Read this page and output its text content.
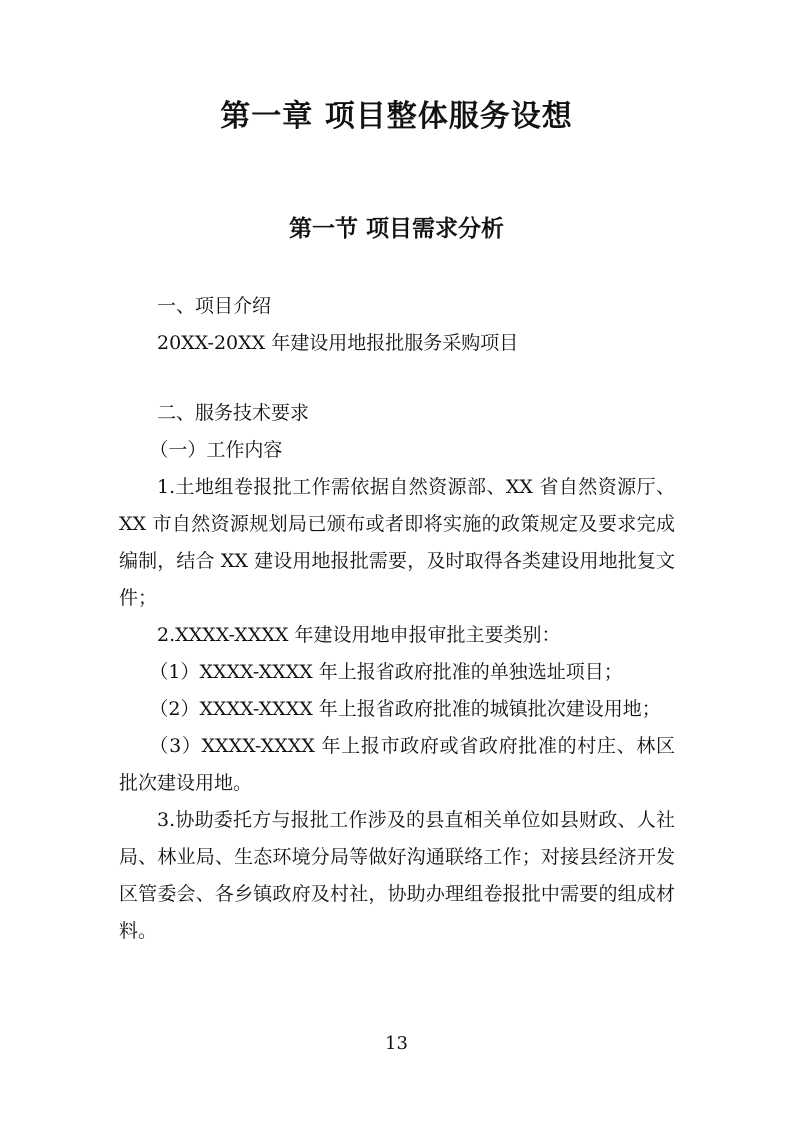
第一章 项目整体服务设想
第一节 项目需求分析

一、项目介绍

20XX-20XX 年建设用地报批服务采购项目

二、服务技术要求

（一）工作内容

1.土地组卷报批工作需依据自然资源部、XX 省自然资源厅、XX 市自然资源规划局已颁布或者即将实施的政策规定及要求完成编制，结合 XX 建设用地报批需要，及时取得各类建设用地批复文件；

2.XXXX-XXXX 年建设用地申报审批主要类别：

（1）XXXX-XXXX 年上报省政府批准的单独选址项目；

（2）XXXX-XXXX 年上报省政府批准的城镇批次建设用地；

（3）XXXX-XXXX 年上报市政府或省政府批准的村庄、林区批次建设用地。

3.协助委托方与报批工作涉及的县直相关单位如县财政、人社局、林业局、生态环境分局等做好沟通联络工作；对接县经济开发区管委会、各乡镇政府及村社，协助办理组卷报批中需要的组成材料。

13
